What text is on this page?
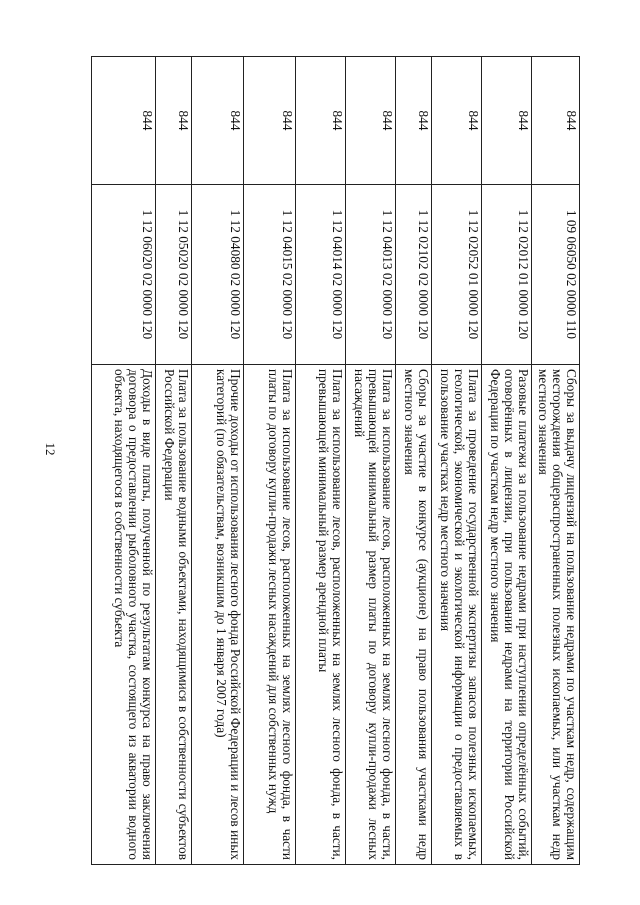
12
844	1 09 06050 02 0000 110	Сборы за выдачу лицензий на пользование недрами по участкам недр, содержащим месторождения общераспространенных полезных ископаемых, или участкам недр местного значения
844	1 12 02012 01 0000 120	Разовые платежи за пользование недрами при наступлении определённых событий, оговорённых в лицензии, при пользовании недрами на территории Российской Федерации по участкам недр местного значения
844	1 12 02052 01 0000 120	Плата за проведение государственной экспертизы запасов полезных ископаемых, геологической, экономической и экологической информации о предоставляемых в пользование участках недр местного значения
844	1 12 02102 02 0000 120	Сборы за участие в конкурсе (аукционе) на право пользования участками недр местного значения
844	1 12 04013 02 0000 120	Плата за использование лесов, расположенных на землях лесного фонда, в части, превышающей минимальный размер платы по договору купли-продажи лесных насаждений
844	1 12 04014 02 0000 120	Плата за использование лесов, расположенных на землях лесного фонда, в части, превышающей минимальный размер арендной платы
844	1 12 04015 02 0000 120	Плата за использование лесов, расположенных на землях лесного фонда, в части платы по договору купли-продажи лесных насаждений для собственных нужд
844	1 12 04080 02 0000 120	Прочие доходы от использования лесного фонда Российской Федерации и лесов иных категорий (по обязательствам, возникшим до 1 января 2007 года)
844	1 12 05020 02 0000 120	Плата за пользование водными объектами, находящимися в собственности субъектов Российской Федерации
844	1 12 06020 02 0000 120	Доходы в виде платы, полученной по результатам конкурса на право заключения договора о предоставлении рыболовного участка, состоящего из акватории водного объекта, находящегося в собственности субъекта
